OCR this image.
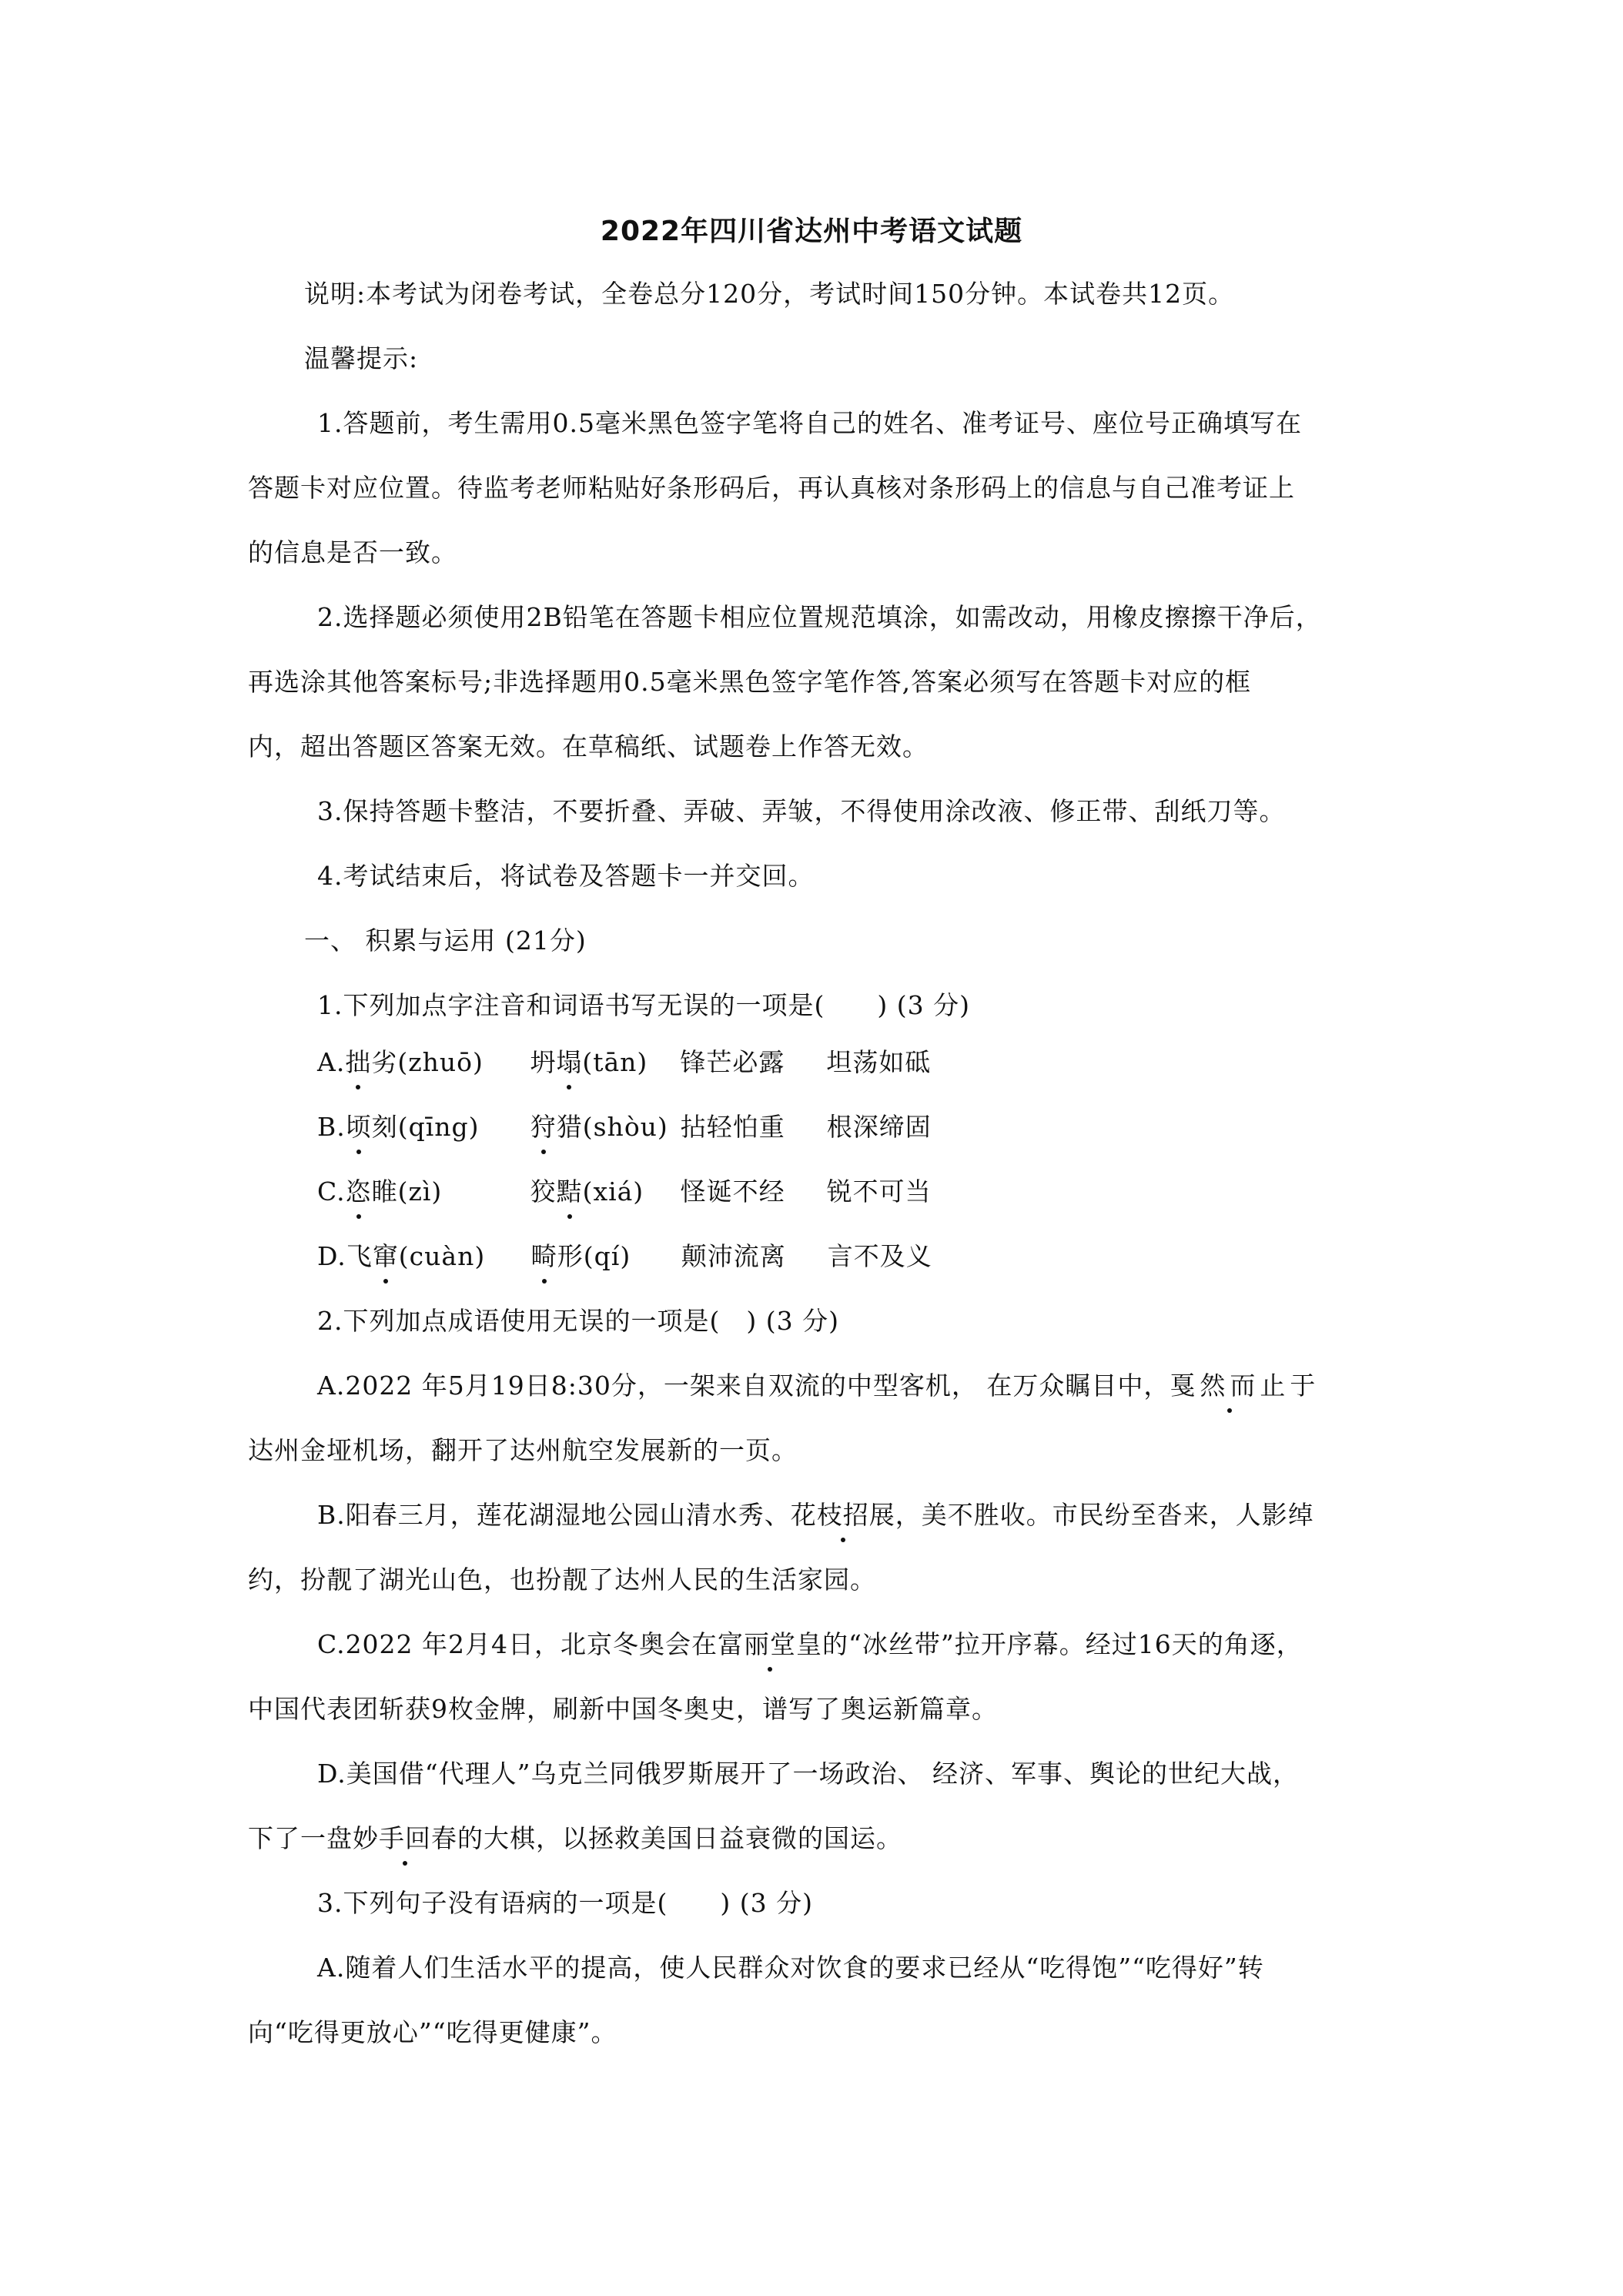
2022年四川省达州中考语文试题
说明:本考试为闭卷考试，全卷总分120分，考试时间150分钟。本试卷共12页。
温馨提示:
1.答题前，考生需用0.5毫米黑色签字笔将自己的姓名、准考证号、座位号正确填写在
答题卡对应位置。待监考老师粘贴好条形码后，再认真核对条形码上的信息与自己准考证上
的信息是否一致。
2.选择题必须使用2B铅笔在答题卡相应位置规范填涂，如需改动，用橡皮擦擦干净后，
再选涂其他答案标号;非选择题用0.5毫米黑色签字笔作答,答案必须写在答题卡对应的框
内，超出答题区答案无效。在草稿纸、试题卷上作答无效。
3.保持答题卡整洁，不要折叠、弄破、弄皱，不得使用涂改液、修正带、刮纸刀等。
4.考试结束后，将试卷及答题卡一并交回。
一、 积累与运用 (21分)
1.下列加点字注音和词语书写无误的一项是(　　) (3 分)
A.拙劣(zhuō) 坍塌(tān) 锋芒必露 坦荡如砥
B.顷刻(qīng) 狩猎(shòu) 拈轻怕重 根深缔固
C.恣睢(zì)	狡黠(xiá) 怪诞不经 锐不可当
D.飞窜(cuàn) 畸形(qí) 颠沛流离 言不及义
2.下列加点成语使用无误的一项是(　) (3 分)
A.2022 年5月19日8:30分，一架来自双流的中型客机， 在万众瞩目中，戛然而止于
达州金垭机场，翻开了达州航空发展新的一页。
B.阳春三月，莲花湖湿地公园山清水秀、花枝招展，美不胜收。市民纷至沓来，人影绰
约，扮靓了湖光山色，也扮靓了达州人民的生活家园。
C.2022 年2月4日，北京冬奥会在富丽堂皇的“冰丝带”拉开序幕。经过16天的角逐，
中国代表团斩获9枚金牌，刷新中国冬奥史，谱写了奥运新篇章。
D.美国借“代理人”乌克兰同俄罗斯展开了一场政治、 经济、军事、舆论的世纪大战，
下了一盘妙手回春的大棋，以拯救美国日益衰微的国运。
3.下列句子没有语病的一项是(　　) (3 分)
A.随着人们生活水平的提高，使人民群众对饮食的要求已经从“吃得饱”“吃得好”转
向“吃得更放心”“吃得更健康”。
